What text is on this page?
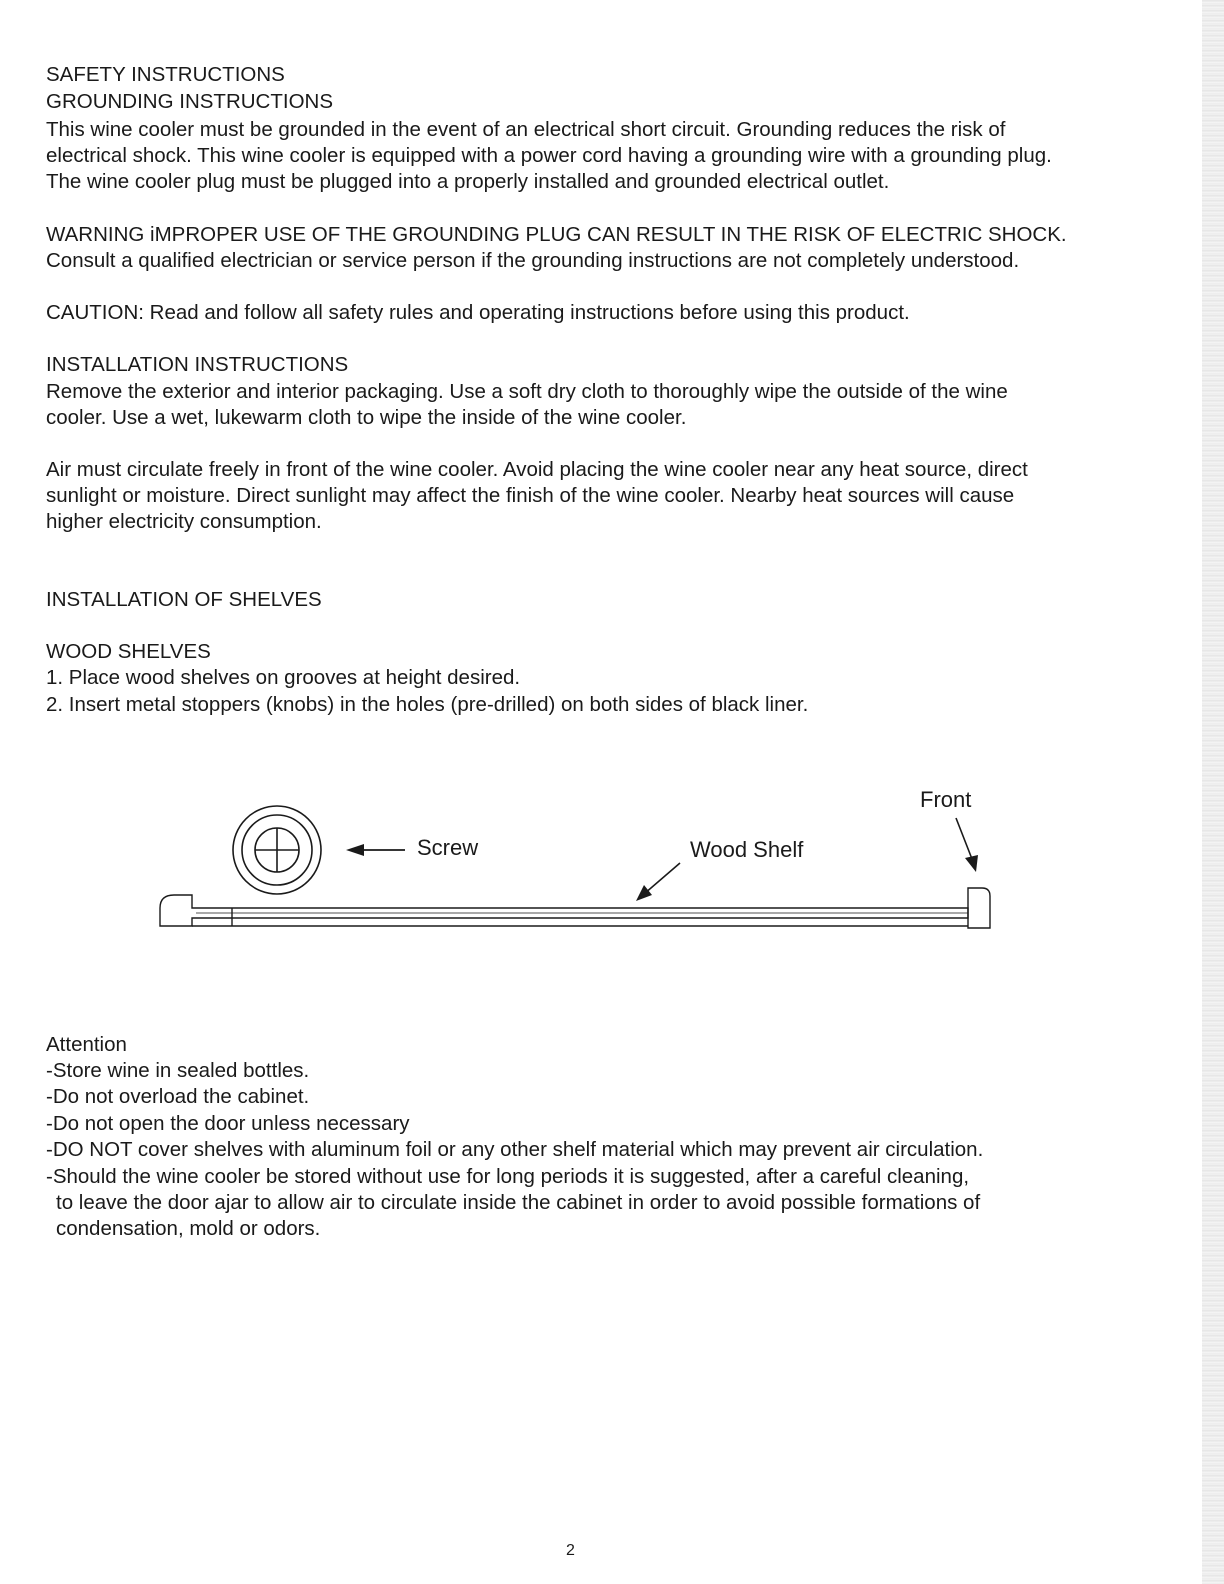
SAFETY INSTRUCTIONS
GROUNDING INSTRUCTIONS
This wine cooler must be grounded in the event of an electrical short circuit. Grounding reduces the risk of
electrical shock. This wine cooler is equipped with a power cord having a grounding wire with a grounding plug.
The wine cooler plug must be plugged into a properly installed and grounded electrical outlet.
WARNING iMPROPER USE OF THE GROUNDING PLUG CAN RESULT IN THE RISK OF ELECTRIC SHOCK.
Consult a qualified electrician or service person if the grounding instructions are not completely understood.
CAUTION: Read and follow all safety rules and operating instructions before using this product.
INSTALLATION INSTRUCTIONS
Remove the exterior and interior packaging. Use a soft dry cloth to thoroughly wipe the outside of the wine
cooler. Use a wet, lukewarm cloth to wipe the inside of the wine cooler.
Air must circulate freely in front of the wine cooler. Avoid placing the wine cooler near any heat source, direct
sunlight or moisture. Direct sunlight may affect the finish of the wine cooler. Nearby heat sources will cause
higher electricity consumption.
INSTALLATION OF SHELVES
WOOD SHELVES
1. Place wood shelves on grooves at height desired.
2. Insert metal stoppers (knobs) in the holes (pre-drilled) on both sides of black liner.
Front
Screw	Wood Shelf
Attention
-Store wine in sealed bottles.
-Do not overload the cabinet.
-Do not open the door unless necessary
-DO NOT cover shelves with aluminum foil or any other shelf material which may prevent air circulation.
-Should the wine cooler be stored without use for long periods it is suggested, after a careful cleaning,
to leave the door ajar to allow air to circulate inside the cabinet in order to avoid possible formations of
condensation, mold or odors.
2
